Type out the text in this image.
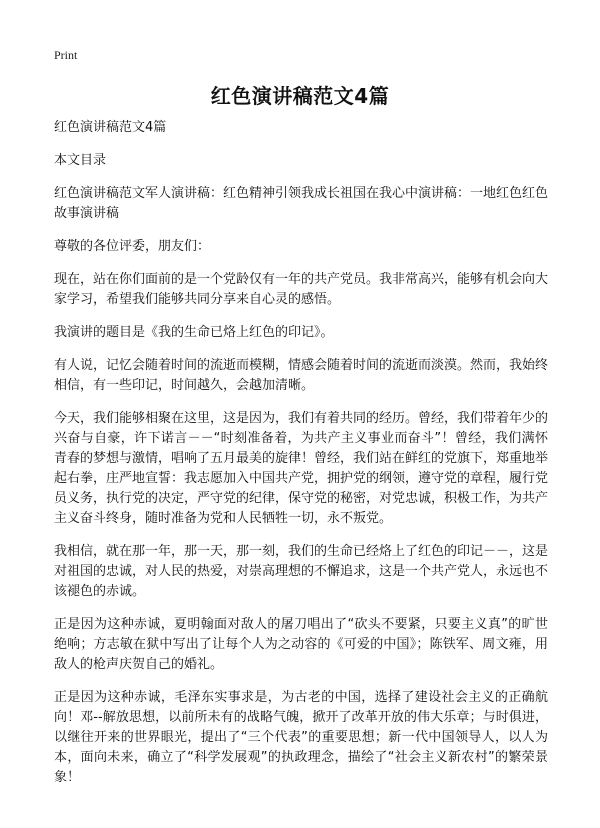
Print
红色演讲稿范文4篇

红色演讲稿范文4篇

本文目录

红色演讲稿范文军人演讲稿：红色精神引领我成长祖国在我心中演讲稿：一地红色红色故事演讲稿

尊敬的各位评委，朋友们：

现在，站在你们面前的是一个党龄仅有一年的共产党员。我非常高兴，能够有机会向大家学习，希望我们能够共同分享来自心灵的感悟。

我演讲的题目是《我的生命已烙上红色的印记》。

有人说，记忆会随着时间的流逝而模糊，情感会随着时间的流逝而淡漠。然而，我始终相信，有一些印记，时间越久，会越加清晰。

今天，我们能够相聚在这里，这是因为，我们有着共同的经历。曾经，我们带着年少的兴奋与自豪，许下诺言－－“时刻准备着，为共产主义事业而奋斗”！曾经，我们满怀青春的梦想与激情，唱响了五月最美的旋律！曾经，我们站在鲜红的党旗下，郑重地举起右拳，庄严地宣誓：我志愿加入中国共产党，拥护党的纲领，遵守党的章程，履行党员义务，执行党的决定，严守党的纪律，保守党的秘密，对党忠诚，积极工作，为共产主义奋斗终身，随时准备为党和人民牺牲一切，永不叛党。

我相信，就在那一年，那一天，那一刻，我们的生命已经烙上了红色的印记－－，这是对祖国的忠诚，对人民的热爱，对崇高理想的不懈追求，这是一个共产党人，永远也不该褪色的赤诚。

正是因为这种赤诚，夏明翰面对敌人的屠刀唱出了“砍头不要紧，只要主义真”的旷世绝响；方志敏在狱中写出了让每个人为之动容的《可爱的中国》；陈铁军、周文雍，用敌人的枪声庆贺自己的婚礼。

正是因为这种赤诚，毛泽东实事求是，为古老的中国，选择了建设社会主义的正确航向！邓--解放思想，以前所未有的战略气魄，掀开了改革开放的伟大乐章；与时俱进，以继往开来的世界眼光，提出了“三个代表”的重要思想；新一代中国领导人，以人为本，面向未来，确立了“科学发展观”的执政理念，描绘了“社会主义新农村”的繁荣景象！
